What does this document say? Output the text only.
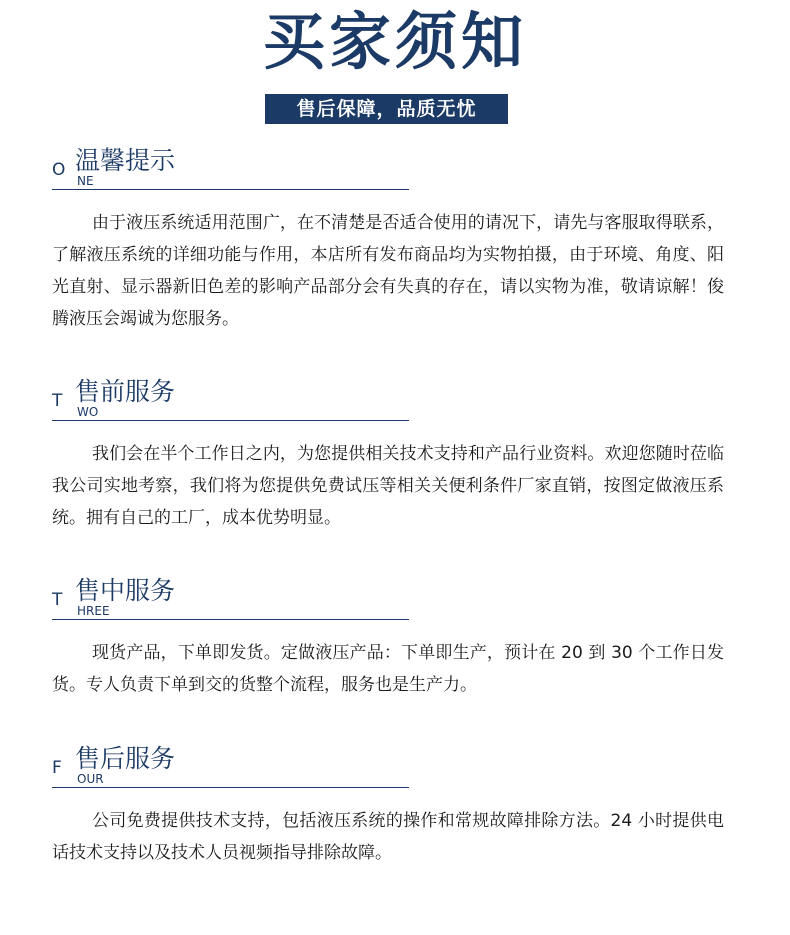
买家须知
售后保障，品质无忧
O 温馨提示
NE

由于液压系统适用范围广，在不清楚是否适合使用的请况下，请先与客服取得联系，了解液压系统的详细功能与作用，本店所有发布商品均为实物拍摄，由于环境、角度、阳光直射、显示器新旧色差的影响产品部分会有失真的存在，请以实物为准，敬请谅解！俊腾液压会竭诚为您服务。

T 售前服务
WO

我们会在半个工作日之内，为您提供相关技术支持和产品行业资料。欢迎您随时莅临我公司实地考察，我们将为您提供免费试压等相关关便利条件厂家直销，按图定做液压系统。拥有自己的工厂，成本优势明显。

T 售中服务
HREE

现货产品，下单即发货。定做液压产品：下单即生产，预计在 20 到 30 个工作日发货。专人负责下单到交的货整个流程，服务也是生产力。

F 售后服务
OUR

公司免费提供技术支持，包括液压系统的操作和常规故障排除方法。24 小时提供电话技术支持以及技术人员视频指导排除故障。
